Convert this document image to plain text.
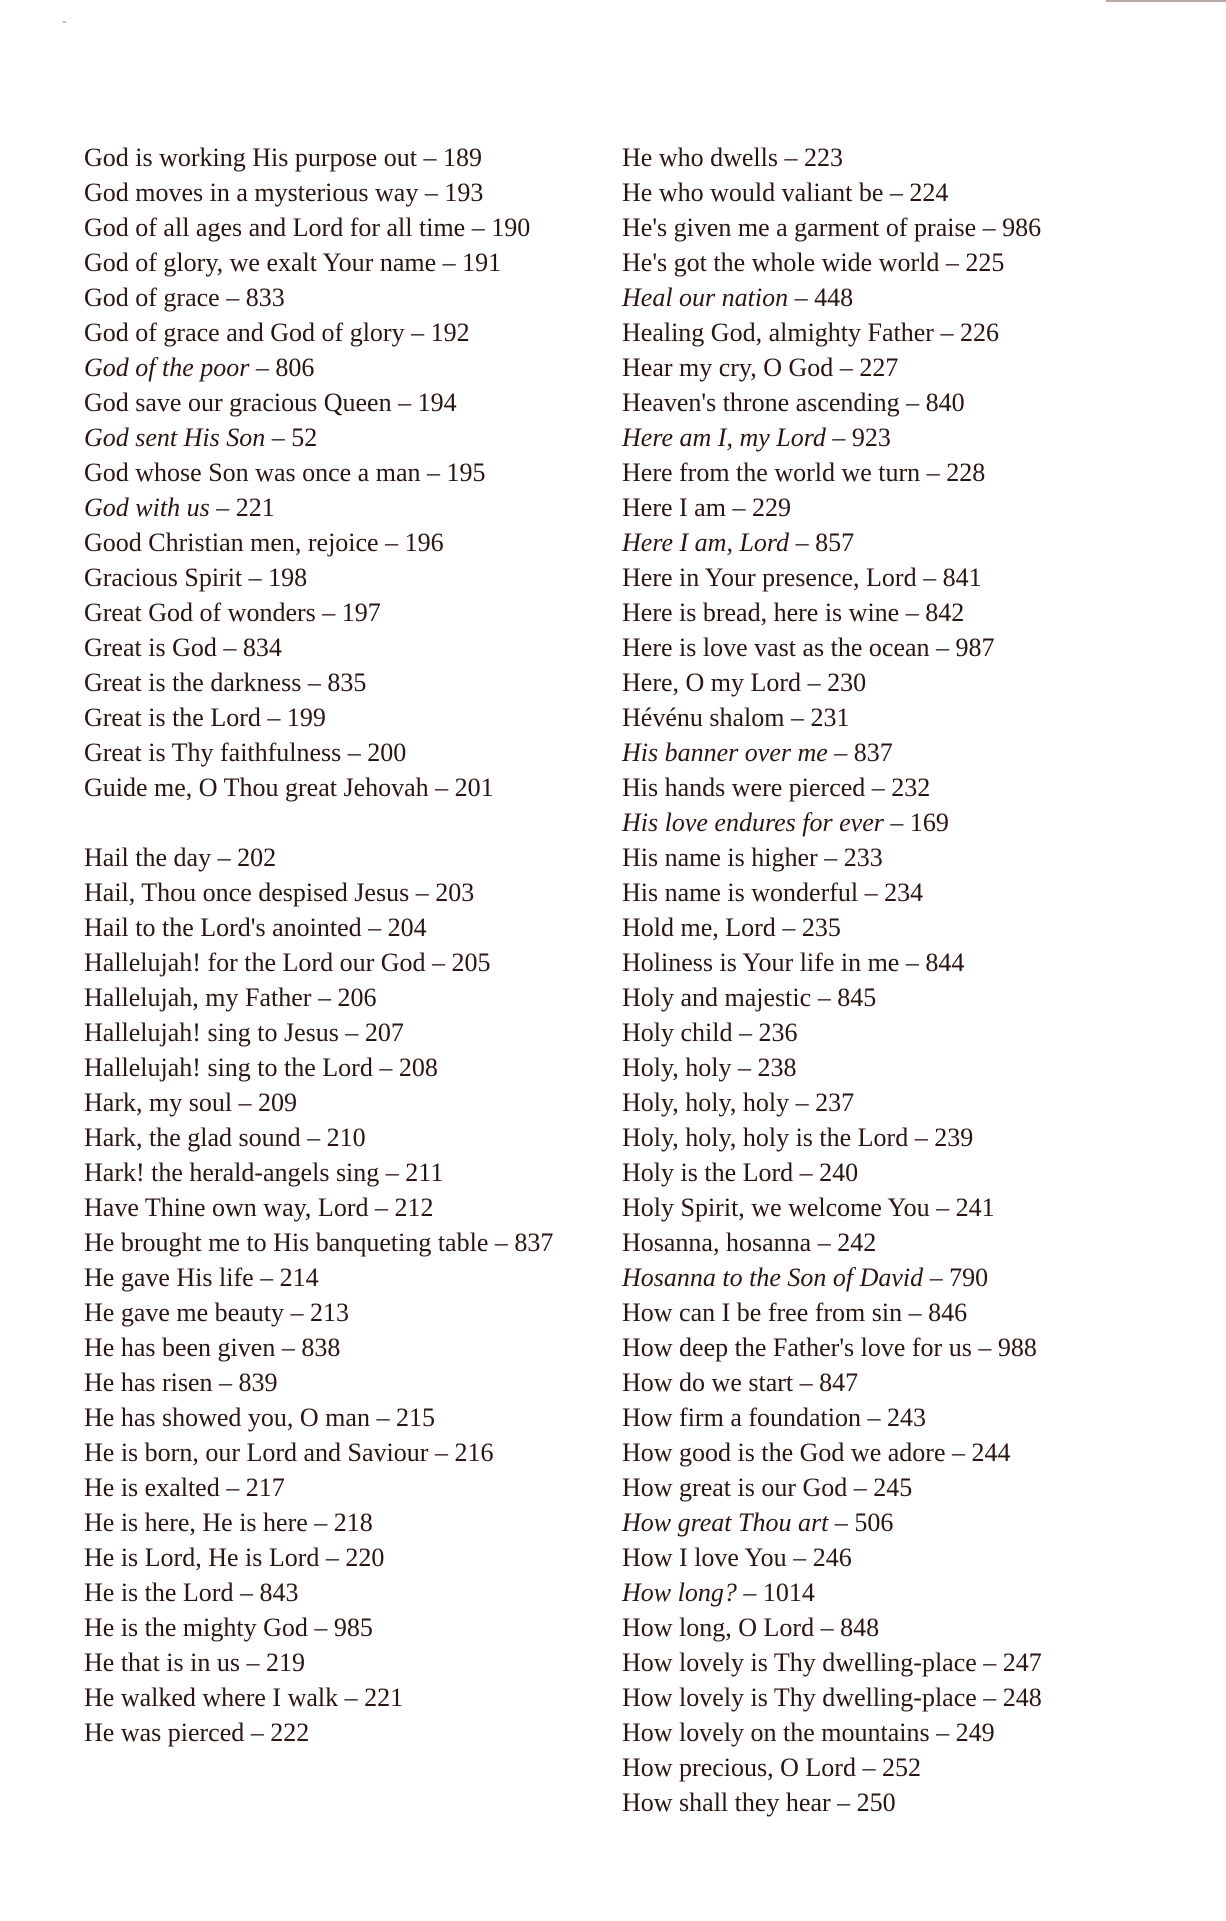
-
God is working His purpose out – 189
God moves in a mysterious way – 193
God of all ages and Lord for all time – 190
God of glory, we exalt Your name – 191
God of grace – 833
God of grace and God of glory – 192
God of the poor – 806
God save our gracious Queen – 194
God sent His Son – 52
God whose Son was once a man – 195
God with us – 221
Good Christian men, rejoice – 196
Gracious Spirit – 198
Great God of wonders – 197
Great is God – 834
Great is the darkness – 835
Great is the Lord – 199
Great is Thy faithfulness – 200
Guide me, O Thou great Jehovah – 201
Hail the day – 202
Hail, Thou once despised Jesus – 203
Hail to the Lord's anointed – 204
Hallelujah! for the Lord our God – 205
Hallelujah, my Father – 206
Hallelujah! sing to Jesus – 207
Hallelujah! sing to the Lord – 208
Hark, my soul – 209
Hark, the glad sound – 210
Hark! the herald-angels sing – 211
Have Thine own way, Lord – 212
He brought me to His banqueting table – 837
He gave His life – 214
He gave me beauty – 213
He has been given – 838
He has risen – 839
He has showed you, O man – 215
He is born, our Lord and Saviour – 216
He is exalted – 217
He is here, He is here – 218
He is Lord, He is Lord – 220
He is the Lord – 843
He is the mighty God – 985
He that is in us – 219
He walked where I walk – 221
He was pierced – 222
He who dwells – 223
He who would valiant be – 224
He's given me a garment of praise – 986
He's got the whole wide world – 225
Heal our nation – 448
Healing God, almighty Father – 226
Hear my cry, O God – 227
Heaven's throne ascending – 840
Here am I, my Lord – 923
Here from the world we turn – 228
Here I am – 229
Here I am, Lord – 857
Here in Your presence, Lord – 841
Here is bread, here is wine – 842
Here is love vast as the ocean – 987
Here, O my Lord – 230
Hévénu shalom – 231
His banner over me – 837
His hands were pierced – 232
His love endures for ever – 169
His name is higher – 233
His name is wonderful – 234
Hold me, Lord – 235
Holiness is Your life in me – 844
Holy and majestic – 845
Holy child – 236
Holy, holy – 238
Holy, holy, holy – 237
Holy, holy, holy is the Lord – 239
Holy is the Lord – 240
Holy Spirit, we welcome You – 241
Hosanna, hosanna – 242
Hosanna to the Son of David – 790
How can I be free from sin – 846
How deep the Father's love for us – 988
How do we start – 847
How firm a foundation – 243
How good is the God we adore – 244
How great is our God – 245
How great Thou art – 506
How I love You – 246
How long? – 1014
How long, O Lord – 848
How lovely is Thy dwelling-place – 247
How lovely is Thy dwelling-place – 248
How lovely on the mountains – 249
How precious, O Lord – 252
How shall they hear – 250
